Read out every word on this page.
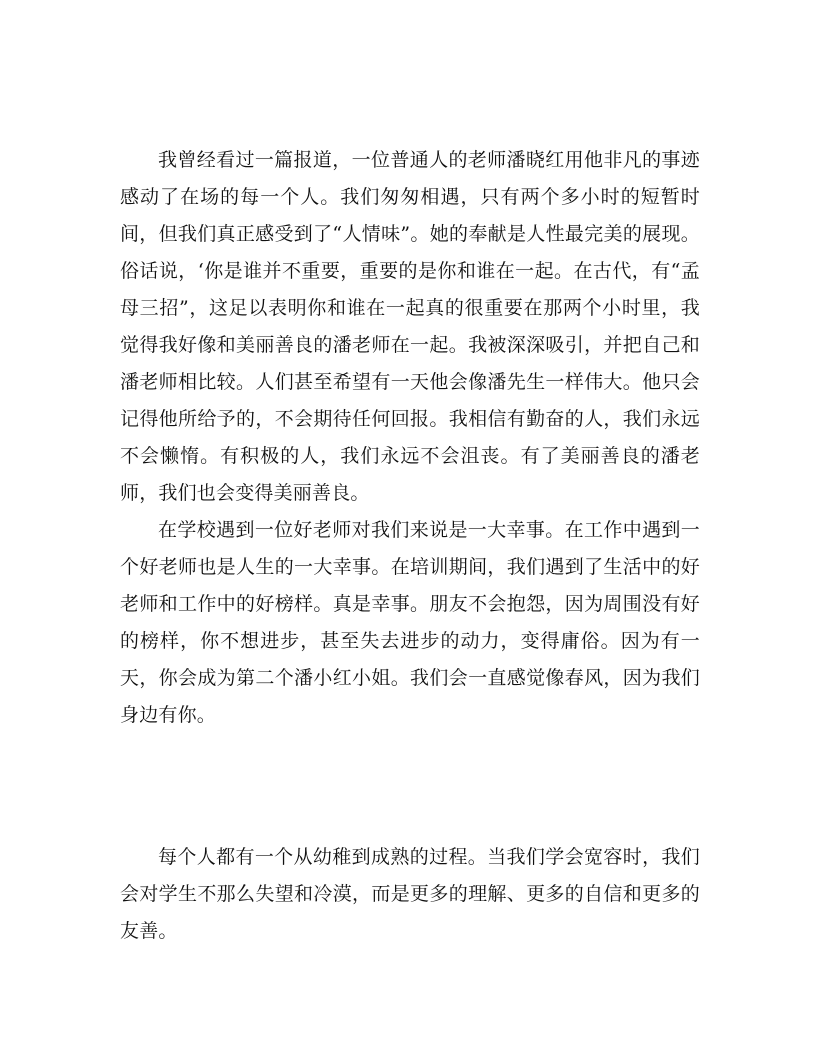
我曾经看过一篇报道，一位普通人的老师潘晓红用他非凡的事迹感动了在场的每一个人。我们匆匆相遇，只有两个多小时的短暂时间，但我们真正感受到了“人情味”。她的奉献是人性最完美的展现。俗话说，‘你是谁并不重要，重要的是你和谁在一起。在古代，有“孟母三招”，这足以表明你和谁在一起真的很重要在那两个小时里，我觉得我好像和美丽善良的潘老师在一起。我被深深吸引，并把自己和潘老师相比较。人们甚至希望有一天他会像潘先生一样伟大。他只会记得他所给予的，不会期待任何回报。我相信有勤奋的人，我们永远不会懒惰。有积极的人，我们永远不会沮丧。有了美丽善良的潘老师，我们也会变得美丽善良。

在学校遇到一位好老师对我们来说是一大幸事。在工作中遇到一个好老师也是人生的一大幸事。在培训期间，我们遇到了生活中的好老师和工作中的好榜样。真是幸事。朋友不会抱怨，因为周围没有好的榜样，你不想进步，甚至失去进步的动力，变得庸俗。因为有一天，你会成为第二个潘小红小姐。我们会一直感觉像春风，因为我们身边有你。

每个人都有一个从幼稚到成熟的过程。当我们学会宽容时，我们会对学生不那么失望和冷漠，而是更多的理解、更多的自信和更多的友善。
